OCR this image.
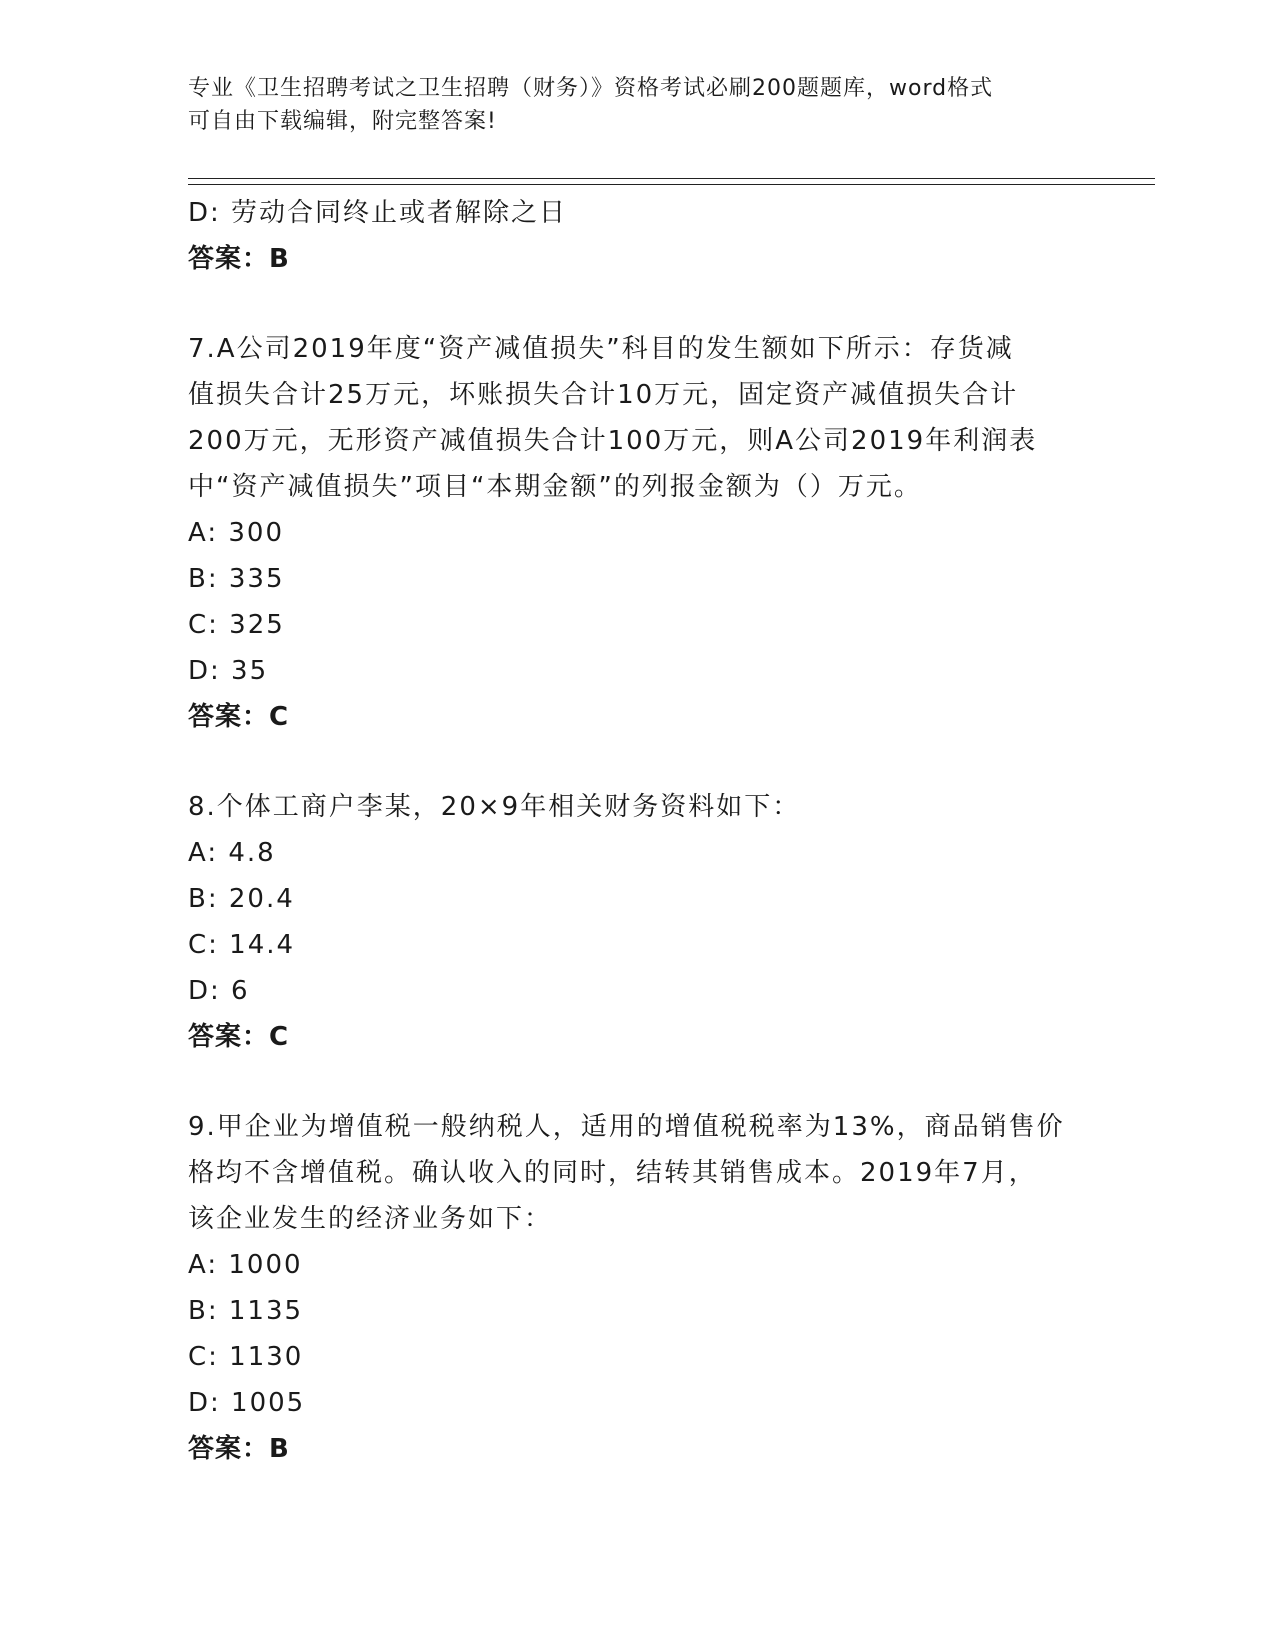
专业《卫生招聘考试之卫生招聘（财务）》资格考试必刷200题题库，word格式
可自由下载编辑，附完整答案!
D: 劳动合同终止或者解除之日
答案：B
7.A公司2019年度“资产减值损失”科目的发生额如下所示：存货减
值损失合计25万元，坏账损失合计10万元，固定资产减值损失合计
200万元，无形资产减值损失合计100万元，则A公司2019年利润表
中“资产减值损失”项目“本期金额”的列报金额为（）万元。
A: 300
B: 335
C: 325
D: 35
答案：C
8.个体工商户李某，20×9年相关财务资料如下：
A: 4.8
B: 20.4
C: 14.4
D: 6
答案：C
9.甲企业为增值税一般纳税人，适用的增值税税率为13%，商品销售价
格均不含增值税。确认收入的同时，结转其销售成本。2019年7月，
该企业发生的经济业务如下：
A: 1000
B: 1135
C: 1130
D: 1005
答案：B
